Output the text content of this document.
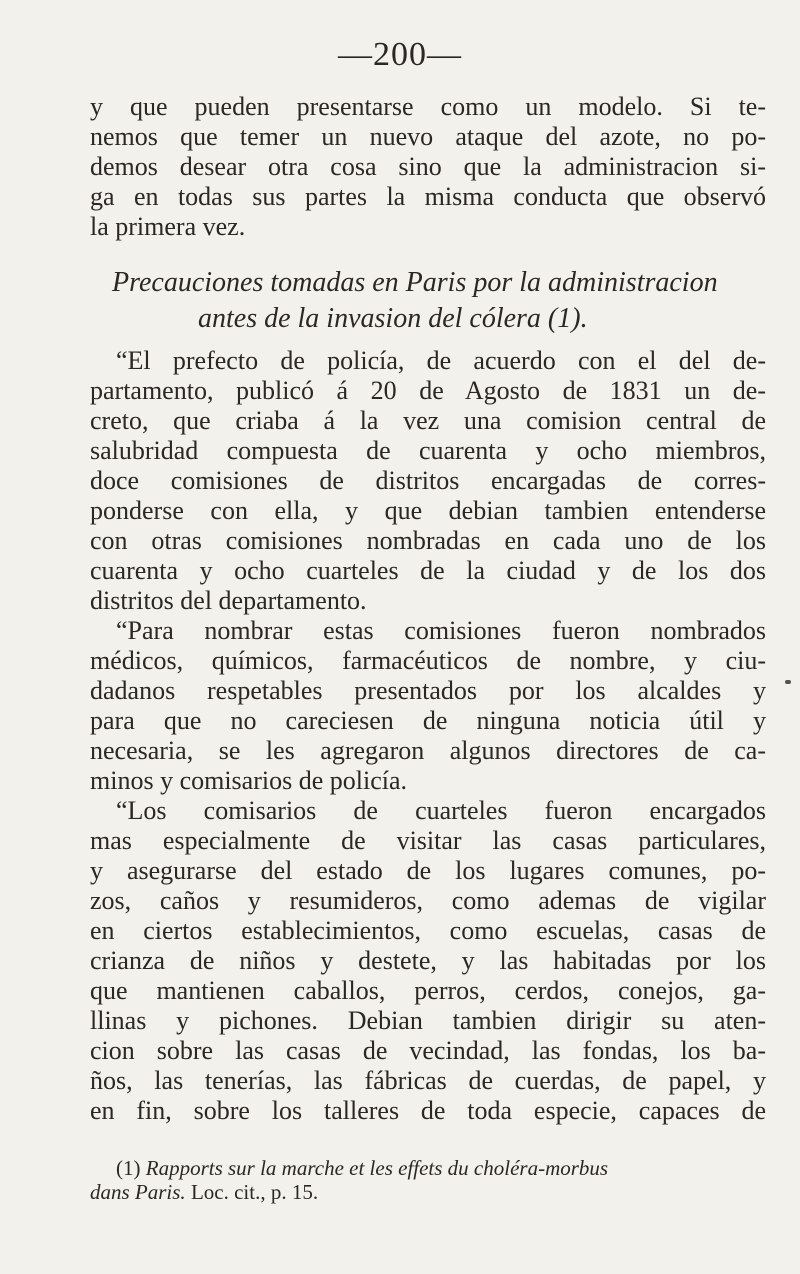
—200—
y que pueden presentarse como un modelo. Si te-
nemos que temer un nuevo ataque del azote, no po-
demos desear otra cosa sino que la administracion si-
ga en todas sus partes la misma conducta que observó
la primera vez.
Precauciones tomadas en Paris por la administracion
antes de la invasion del cólera (1).
“El prefecto de policía, de acuerdo con el del de-
partamento, publicó á 20 de Agosto de 1831 un de-
creto, que criaba á la vez una comision central de
salubridad compuesta de cuarenta y ocho miembros,
doce comisiones de distritos encargadas de corres-
ponderse con ella, y que debian tambien entenderse
con otras comisiones nombradas en cada uno de los
cuarenta y ocho cuarteles de la ciudad y de los dos
distritos del departamento.
“Para nombrar estas comisiones fueron nombrados
médicos, químicos, farmacéuticos de nombre, y ciu-
dadanos respetables presentados por los alcaldes y
para que no careciesen de ninguna noticia útil y
necesaria, se les agregaron algunos directores de ca-
minos y comisarios de policía.
“Los comisarios de cuarteles fueron encargados
mas especialmente de visitar las casas particulares,
y asegurarse del estado de los lugares comunes, po-
zos, caños y resumideros, como ademas de vigilar
en ciertos establecimientos, como escuelas, casas de
crianza de niños y destete, y las habitadas por los
que mantienen caballos, perros, cerdos, conejos, ga-
llinas y pichones. Debian tambien dirigir su aten-
cion sobre las casas de vecindad, las fondas, los ba-
ños, las tenerías, las fábricas de cuerdas, de papel, y
en fin, sobre los talleres de toda especie, capaces de
(1) Rapports sur la marche et les effets du choléra-morbus
dans Paris. Loc. cit., p. 15.
